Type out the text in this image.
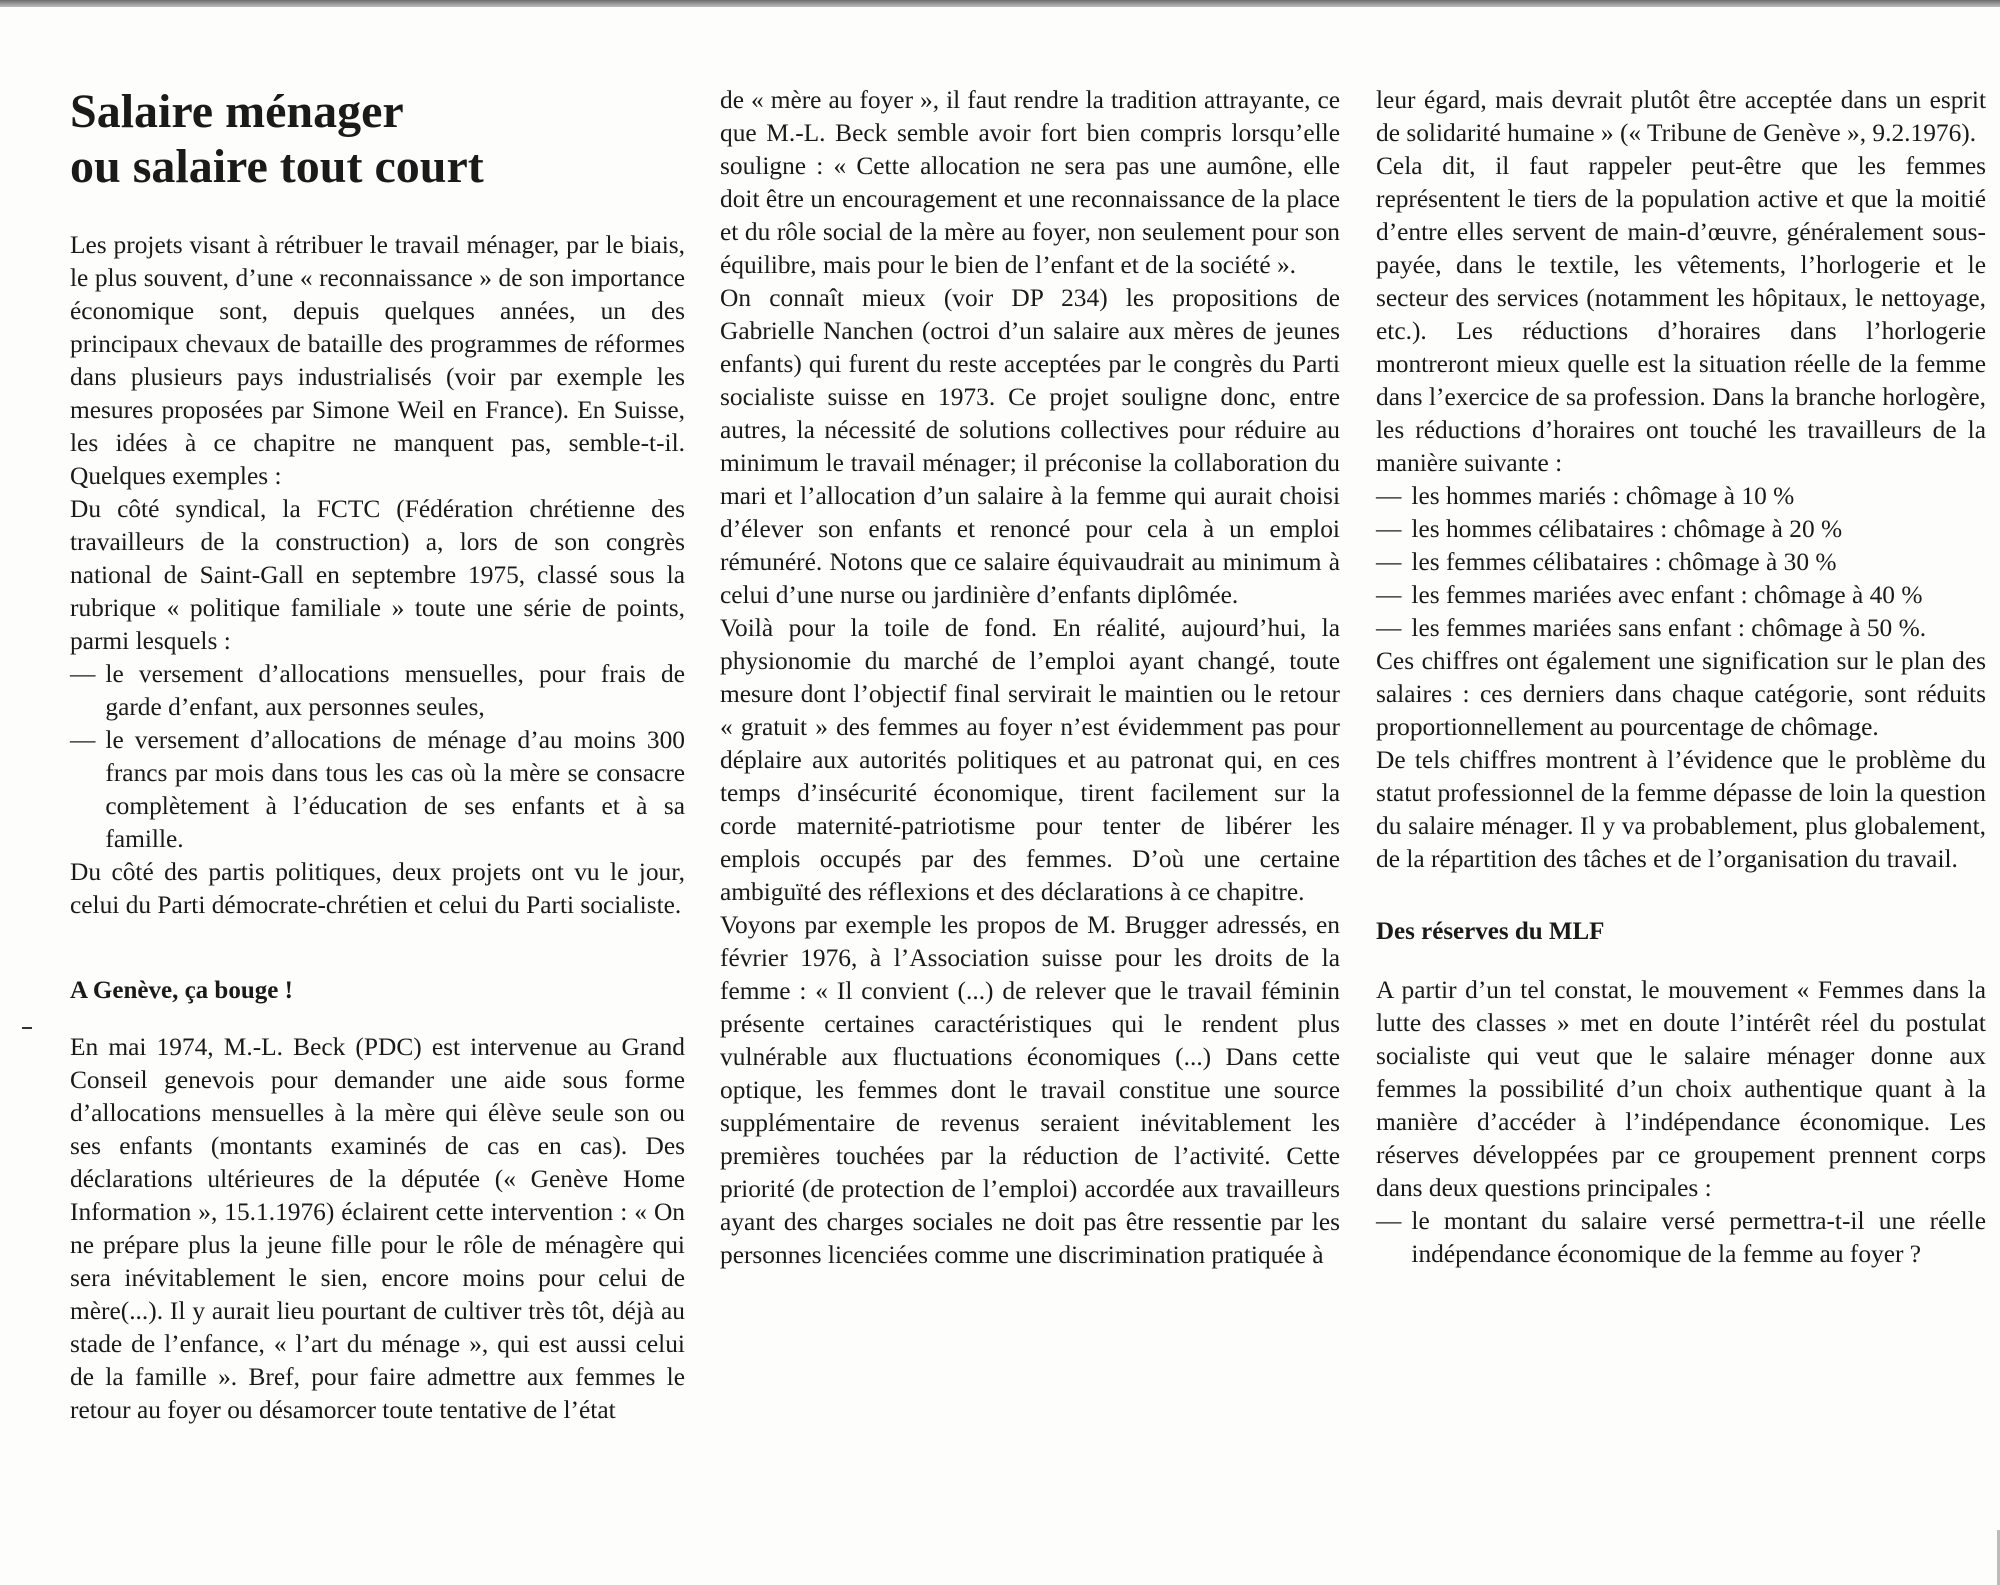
Salaire ménager
ou salaire tout court

Les projets visant à rétribuer le travail ménager, par le biais, le plus souvent, d’une « reconnaissance » de son importance économique sont, depuis quelques années, un des principaux chevaux de bataille des programmes de réformes dans plusieurs pays industrialisés (voir par exemple les mesures proposées par Simone Weil en France). En Suisse, les idées à ce chapitre ne manquent pas, semble-t-il. Quelques exemples :

Du côté syndical, la FCTC (Fédération chrétienne des travailleurs de la construction) a, lors de son congrès national de Saint-Gall en septembre 1975, classé sous la rubrique « politique familiale » toute une série de points, parmi lesquels :

— le versement d’allocations mensuelles, pour frais de garde d’enfant, aux personnes seules,
— le versement d’allocations de ménage d’au moins 300 francs par mois dans tous les cas où la mère se consacre complètement à l’éducation de ses enfants et à sa famille.

Du côté des partis politiques, deux projets ont vu le jour, celui du Parti démocrate-chrétien et celui du Parti socialiste.

A Genève, ça bouge !

En mai 1974, M.-L. Beck (PDC) est intervenue au Grand Conseil genevois pour demander une aide sous forme d’allocations mensuelles à la mère qui élève seule son ou ses enfants (montants examinés de cas en cas). Des déclarations ultérieures de la députée (« Genève Home Information », 15.1.1976) éclairent cette intervention : « On ne prépare plus la jeune fille pour le rôle de ménagère qui sera inévitablement le sien, encore moins pour celui de mère(...). Il y aurait lieu pourtant de cultiver très tôt, déjà au stade de l’enfance, « l’art du ménage », qui est aussi celui de la famille ». Bref, pour faire admettre aux femmes le retour au foyer ou désamorcer toute tentative de l’état

de « mère au foyer », il faut rendre la tradition attrayante, ce que M.-L. Beck semble avoir fort bien compris lorsqu’elle souligne : « Cette allocation ne sera pas une aumône, elle doit être un encouragement et une reconnaissance de la place et du rôle social de la mère au foyer, non seulement pour son équilibre, mais pour le bien de l’enfant et de la société ».

On connaît mieux (voir DP 234) les propositions de Gabrielle Nanchen (octroi d’un salaire aux mères de jeunes enfants) qui furent du reste acceptées par le congrès du Parti socialiste suisse en 1973. Ce projet souligne donc, entre autres, la nécessité de solutions collectives pour réduire au minimum le travail ménager; il préconise la collaboration du mari et l’allocation d’un salaire à la femme qui aurait choisi d’élever son enfants et renoncé pour cela à un emploi rémunéré. Notons que ce salaire équivaudrait au minimum à celui d’une nurse ou jardinière d’enfants diplômée.

Voilà pour la toile de fond. En réalité, aujourd’hui, la physionomie du marché de l’emploi ayant changé, toute mesure dont l’objectif final servirait le maintien ou le retour « gratuit » des femmes au foyer n’est évidemment pas pour déplaire aux autorités politiques et au patronat qui, en ces temps d’insécurité économique, tirent facilement sur la corde maternité-patriotisme pour tenter de libérer les emplois occupés par des femmes. D’où une certaine ambiguïté des réflexions et des déclarations à ce chapitre.

Voyons par exemple les propos de M. Brugger adressés, en février 1976, à l’Association suisse pour les droits de la femme : « Il convient (...) de relever que le travail féminin présente certaines caractéristiques qui le rendent plus vulnérable aux fluctuations économiques (...) Dans cette optique, les femmes dont le travail constitue une source supplémentaire de revenus seraient inévitablement les premières touchées par la réduction de l’activité. Cette priorité (de protection de l’emploi) accordée aux travailleurs ayant des charges sociales ne doit pas être ressentie par les personnes licenciées comme une discrimination pratiquée à

leur égard, mais devrait plutôt être acceptée dans un esprit de solidarité humaine » (« Tribune de Genève », 9.2.1976).

Cela dit, il faut rappeler peut-être que les femmes représentent le tiers de la population active et que la moitié d’entre elles servent de main-d’œuvre, généralement sous-payée, dans le textile, les vêtements, l’horlogerie et le secteur des services (notamment les hôpitaux, le nettoyage, etc.). Les réductions d’horaires dans l’horlogerie montreront mieux quelle est la situation réelle de la femme dans l’exercice de sa profession. Dans la branche horlogère, les réductions d’horaires ont touché les travailleurs de la manière suivante :

— les hommes mariés : chômage à 10 %
— les hommes célibataires : chômage à 20 %
— les femmes célibataires : chômage à 30 %
— les femmes mariées avec enfant : chômage à 40 %
— les femmes mariées sans enfant : chômage à 50 %.

Ces chiffres ont également une signification sur le plan des salaires : ces derniers dans chaque catégorie, sont réduits proportionnellement au pourcentage de chômage.

De tels chiffres montrent à l’évidence que le problème du statut professionnel de la femme dépasse de loin la question du salaire ménager. Il y va probablement, plus globalement, de la répartition des tâches et de l’organisation du travail.

Des réserves du MLF

A partir d’un tel constat, le mouvement « Femmes dans la lutte des classes » met en doute l’intérêt réel du postulat socialiste qui veut que le salaire ménager donne aux femmes la possibilité d’un choix authentique quant à la manière d’accéder à l’indépendance économique. Les réserves développées par ce groupement prennent corps dans deux questions principales :

— le montant du salaire versé permettra-t-il une réelle indépendance économique de la femme au foyer ?
